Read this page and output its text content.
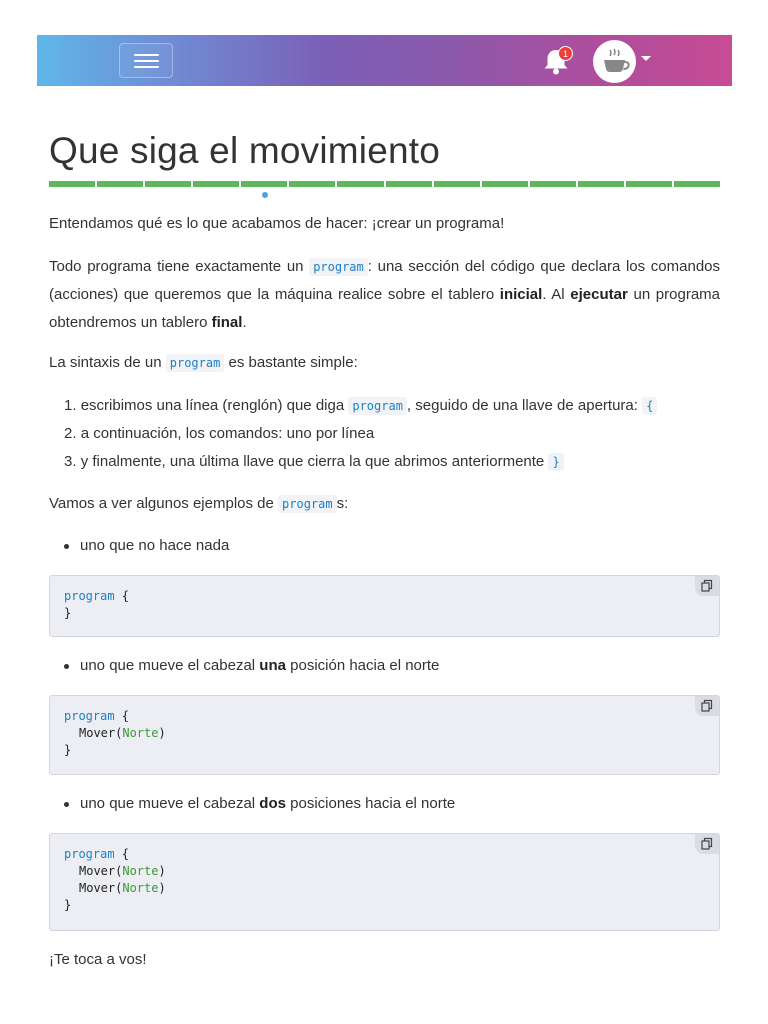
1
Que siga el movimiento

Entendamos qué es lo que acabamos de hacer: ¡crear un programa!

Todo programa tiene exactamente un program : una sección del código que declara los comandos (acciones) que queremos que la máquina realice sobre el tablero inicial. Al ejecutar un programa obtendremos un tablero final.

La sintaxis de un program es bastante simple:

1. escribimos una línea (renglón) que diga program , seguido de una llave de apertura: {
2. a continuación, los comandos: uno por línea
3. y finalmente, una última llave que cierra la que abrimos anteriormente }

Vamos a ver algunos ejemplos de program s:

uno que no hace nada
program {
}
uno que mueve el cabezal una posición hacia el norte
program {
Mover(Norte)
}
uno que mueve el cabezal dos posiciones hacia el norte
program {
Mover(Norte)
Mover(Norte)
}

¡Te toca a vos!
